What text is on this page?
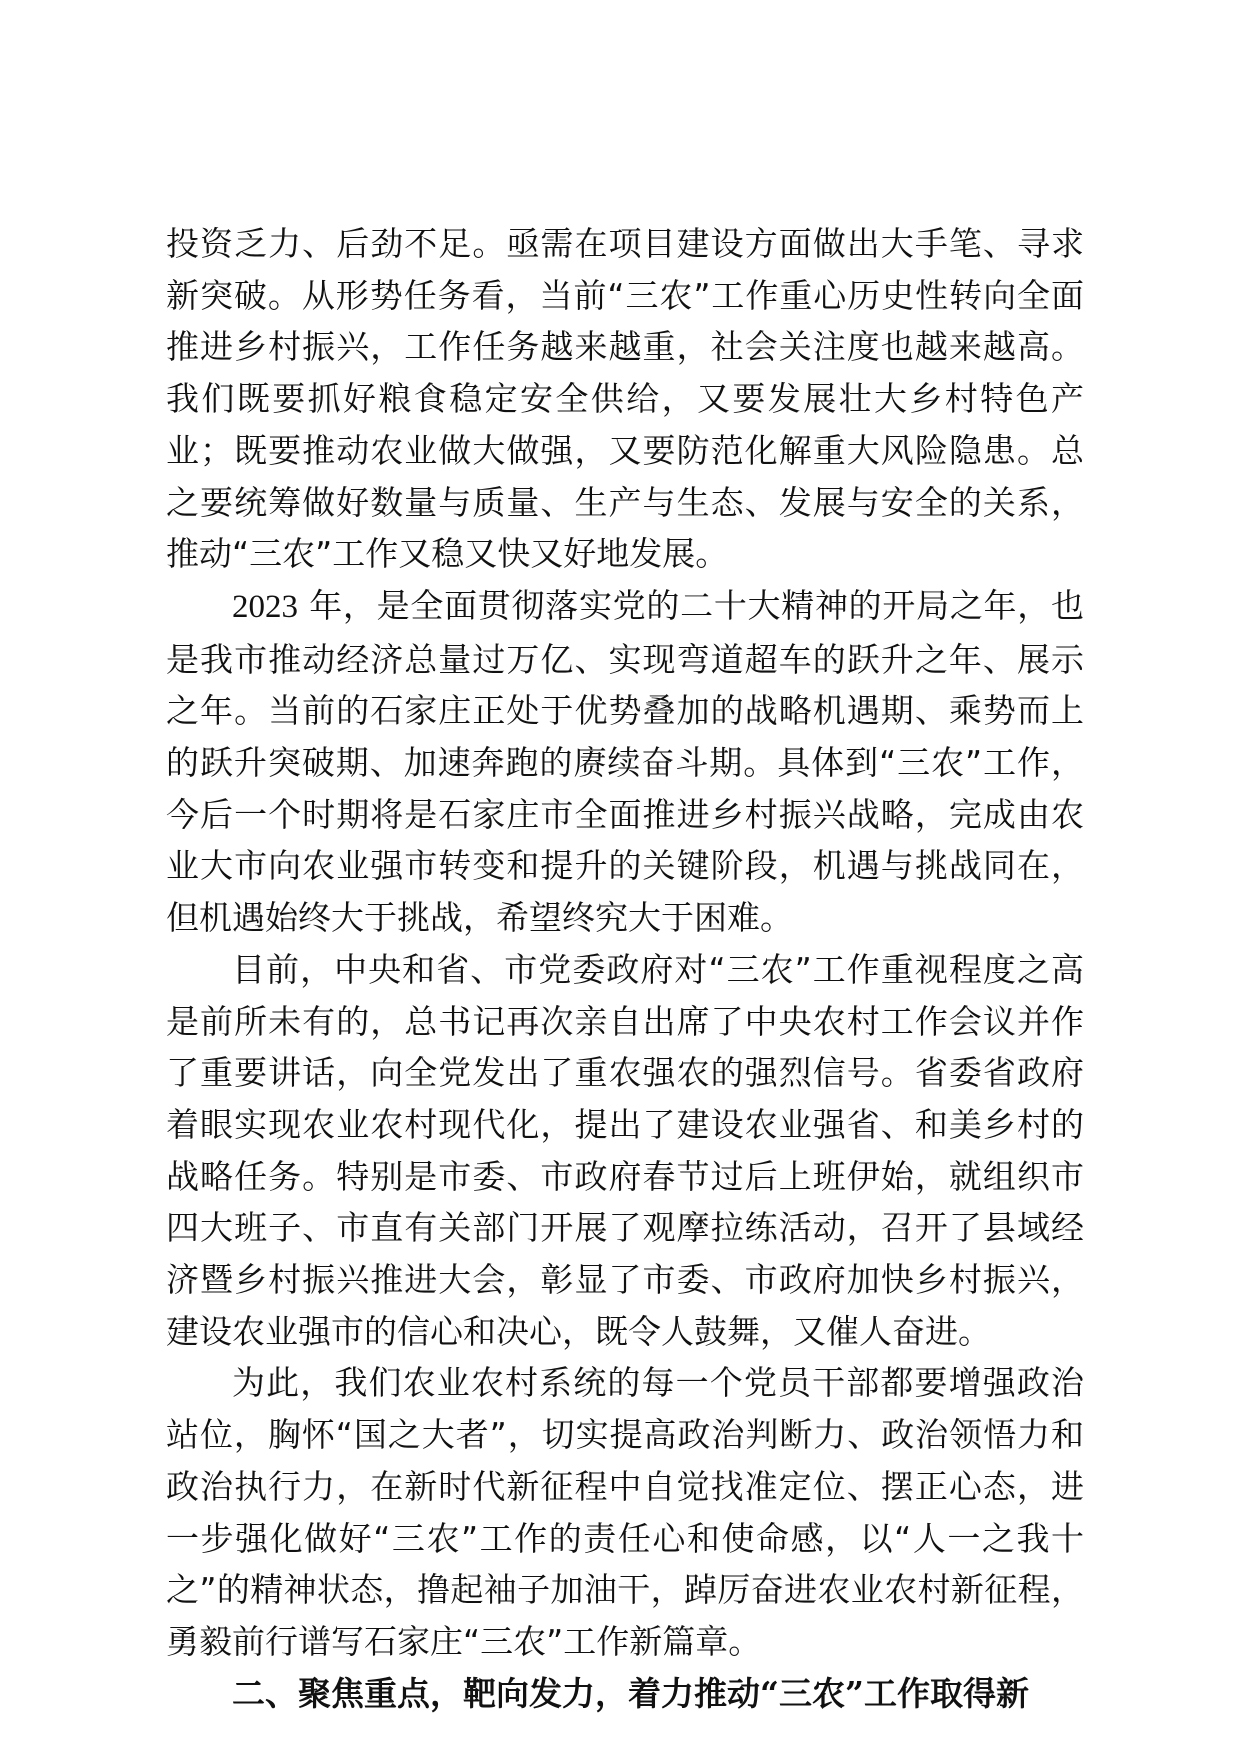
投资乏力、后劲不足。亟需在项目建设方面做出大手笔、寻求新突破。从形势任务看，当前“三农”工作重心历史性转向全面推进乡村振兴，工作任务越来越重，社会关注度也越来越高。我们既要抓好粮食稳定安全供给，又要发展壮大乡村特色产业；既要推动农业做大做强，又要防范化解重大风险隐患。总之要统筹做好数量与质量、生产与生态、发展与安全的关系，推动“三农”工作又稳又快又好地发展。

2023 年，是全面贯彻落实党的二十大精神的开局之年，也是我市推动经济总量过万亿、实现弯道超车的跃升之年、展示之年。当前的石家庄正处于优势叠加的战略机遇期、乘势而上的跃升突破期、加速奔跑的赓续奋斗期。具体到“三农”工作，今后一个时期将是石家庄市全面推进乡村振兴战略，完成由农业大市向农业强市转变和提升的关键阶段，机遇与挑战同在，但机遇始终大于挑战，希望终究大于困难。

目前，中央和省、市党委政府对“三农”工作重视程度之高是前所未有的，总书记再次亲自出席了中央农村工作会议并作了重要讲话，向全党发出了重农强农的强烈信号。省委省政府着眼实现农业农村现代化，提出了建设农业强省、和美乡村的战略任务。特别是市委、市政府春节过后上班伊始，就组织市四大班子、市直有关部门开展了观摩拉练活动，召开了县域经济暨乡村振兴推进大会，彰显了市委、市政府加快乡村振兴，建设农业强市的信心和决心，既令人鼓舞，又催人奋进。

为此，我们农业农村系统的每一个党员干部都要增强政治站位，胸怀“国之大者”，切实提高政治判断力、政治领悟力和政治执行力，在新时代新征程中自觉找准定位、摆正心态，进一步强化做好“三农”工作的责任心和使命感，以“人一之我十之”的精神状态，撸起袖子加油干，踔厉奋进农业农村新征程，勇毅前行谱写石家庄“三农”工作新篇章。

二、聚焦重点，靶向发力，着力推动“三农”工作取得新
